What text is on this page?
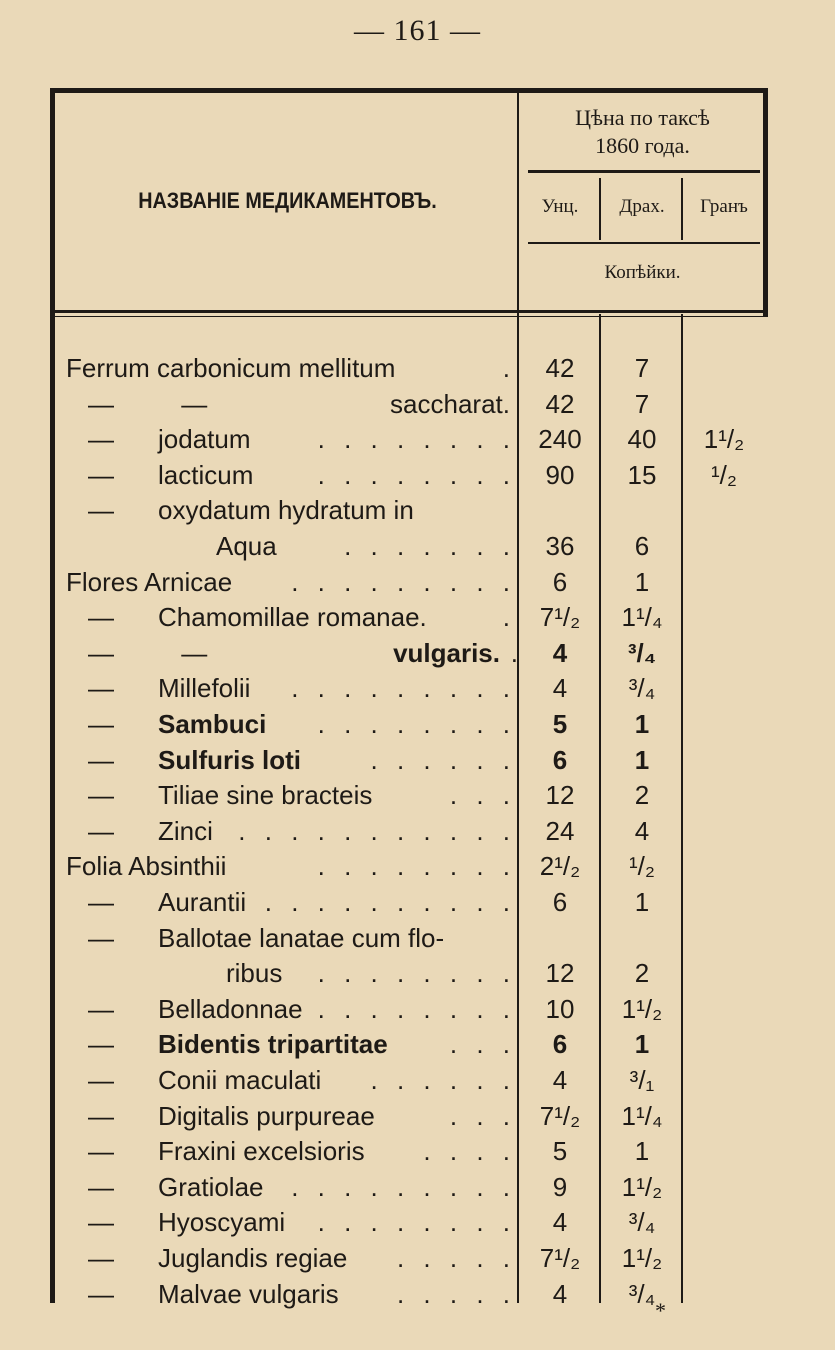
— 161 —
НАЗВАНІЕ МЕДИКАМЕНТОВЪ.
Цѣна по таксѣ
1860 года.
Унц.	Драх.	Гранъ
Копѣйки.
.
Ferrum carbonicum mellitum	42	7
— —	saccharat.	42	7
. . . . . . . .
— jodatum	240	40	1¹/₂
. . . . . . . .
— lacticum	90	15	¹/₂
— oxydatum hydratum in
. . . . . . .
Aqua	36	6
. . . . . . . . .
Flores Arnicae	6	1
.
— Chamomillae romanae.	7¹/₂	1¹/₄
— —	vulgaris. .	4	³/₄
. . . . . . . . .
— Millefolii	4	³/₄
. . . . . . . .
— Sambuci	5	1
. . . . . .
— Sulfuris loti	6	1
. . .
— Tiliae sine bracteis	12	2
. . . . . . . . . . .
— Zinci	24	4
. . . . . . . .
Folia Absinthii	2¹/₂	¹/₂
. . . . . . . . . .
— Aurantii	6	1
— Ballotae lanatae cum flo-
. . . . . . . .
ribus	12	2
. . . . . . . .
— Belladonnae	10	1¹/₂
. . .
— Bidentis tripartitae	6	1
. . . . . .
— Conii maculati	4	³/₁
. . .
— Digitalis purpureae	7¹/₂	1¹/₄
. . . .
— Fraxini excelsioris	5	1
. . . . . . . . .
— Gratiolae	9	1¹/₂
. . . . . . . .
— Hyoscyami	4	³/₄
. . . . .
— Juglandis regiae	7¹/₂	1¹/₂
. . . . .
— Malvae vulgaris	4	³/₄
*
